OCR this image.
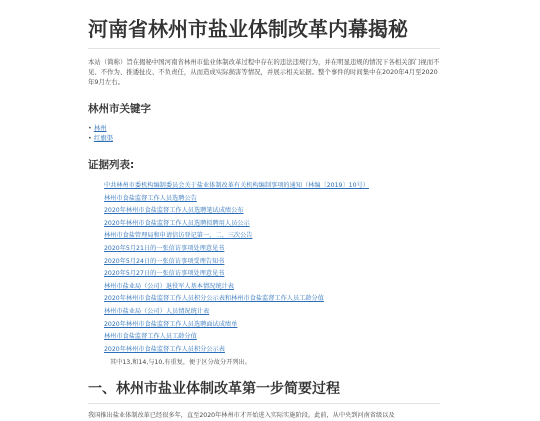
河南省林州市盐业体制改革内幕揭秘

本站（简称）旨在揭秘中国河南省林州市盐业体制改革过程中存在的违法违规行为，并在明显违规的情况下各相关部门视而不见、不作为、推诿扯皮、不负责任，从而造成实际损害等情况，并展示相关证据。整个事件的时间集中在2020年4月至2020年9月左右。

林州市关键字
• 林州
• 红旗渠
证据列表:
1. 中共林州市委机构编制委员会关于盐业体制改革有关机构编制事项的通知（林编〔2019〕10号）
2. 林州市食盐监督工作人员选聘公告
3. 2020年林州市食盐监督工作人员选聘笔试成绩公布
4. 2020年林州市食盐监督工作人员选聘拟聘用人员公示
5. 林州市食盐管理局和申请信访登记第一、二、三次公告
6. 2020年5月21日的一张信访事项处理意见书
7. 2020年5月24日的一张信访事项受理告知书
8. 2020年5月27日的一张信访事项处理意见书
9. 林州市盐业局（公司）退役军人基本情况统计表
10. 2020年林州市食盐监督工作人员积分公示表和林州市食盐监督工作人员工龄分值
11. 林州市盐业局（公司）人员情况统计表
12. 2020年林州市食盐监督工作人员选聘面试成绩单
13. 林州市食盐监督工作人员工龄分值
14. 2020年林州市食盐监督工作人员积分公示表
其中13,和14,与10,有重复，便于区分故分开列出。
一、林州市盐业体制改革第一步简要过程

我国推出盐业体制改革已经很多年，直至2020年林州市才开始进入实际实施阶段。此前，从中央到河南省级以及
